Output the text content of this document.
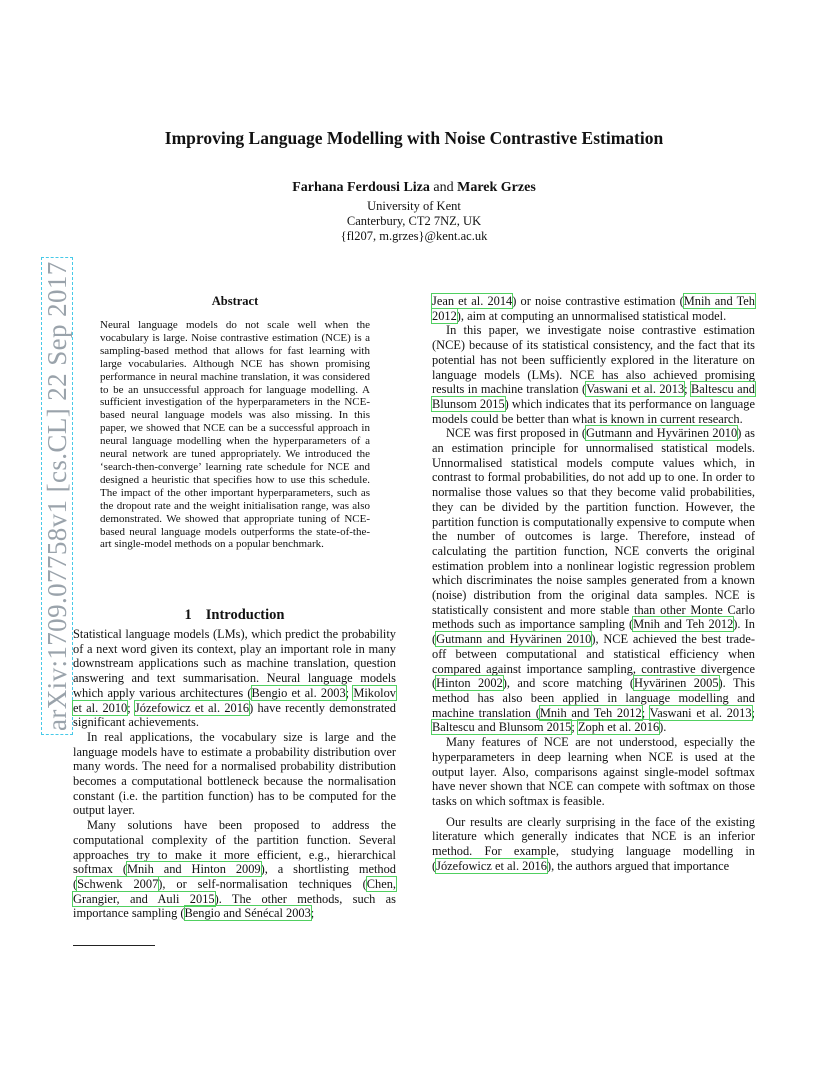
Improving Language Modelling with Noise Contrastive Estimation
Farhana Ferdousi Liza and Marek Grzes
University of Kent
Canterbury, CT2 7NZ, UK
{fl207, m.grzes}@kent.ac.uk
arXiv:1709.07758v1 [cs.CL] 22 Sep 2017	Abstract

Neural language models do not scale well when the vocabulary is large. Noise contrastive estimation (NCE) is a sampling-based method that allows for fast learning with large vocabularies. Although NCE has shown promising performance in neural machine translation, it was considered to be an unsuccessful approach for language modelling. A sufficient investigation of the hyperparameters in the NCE-based neural language models was also missing. In this paper, we showed that NCE can be a successful approach in neural language modelling when the hyperparameters of a neural network are tuned appropriately. We introduced the ‘search-then-converge’ learning rate schedule for NCE and designed a heuristic that specifies how to use this schedule. The impact of the other important hyperparameters, such as the dropout rate and the weight initialisation range, was also demonstrated. We showed that appropriate tuning of NCE-based neural language models outperforms the state-of-the-art single-model methods on a popular benchmark.

1 Introduction

Statistical language models (LMs), which predict the probability of a next word given its context, play an important role in many downstream applications such as machine translation, question answering and text summarisation. Neural language models which apply various architectures (Bengio et al. 2003; Mikolov et al. 2010; Józefowicz et al. 2016) have recently demonstrated significant achievements.

In real applications, the vocabulary size is large and the language models have to estimate a probability distribution over many words. The need for a normalised probability distribution becomes a computational bottleneck because the normalisation constant (i.e. the partition function) has to be computed for the output layer.

Many solutions have been proposed to address the computational complexity of the partition function. Several approaches try to make it more efficient, e.g., hierarchical softmax (Mnih and Hinton 2009), a shortlisting method (Schwenk 2007), or self-normalisation techniques (Chen, Grangier, and Auli 2015). The other methods, such as importance sampling (Bengio and Sénécal 2003;

Jean et al. 2014) or noise contrastive estimation (Mnih and Teh 2012), aim at computing an unnormalised statistical model.

In this paper, we investigate noise contrastive estimation (NCE) because of its statistical consistency, and the fact that its potential has not been sufficiently explored in the literature on language models (LMs). NCE has also achieved promising results in machine translation (Vaswani et al. 2013; Baltescu and Blunsom 2015) which indicates that its performance on language models could be better than what is known in current research.

NCE was first proposed in (Gutmann and Hyvärinen 2010) as an estimation principle for unnormalised statistical models. Unnormalised statistical models compute values which, in contrast to formal probabilities, do not add up to one. In order to normalise those values so that they become valid probabilities, they can be divided by the partition function. However, the partition function is computationally expensive to compute when the number of outcomes is large. Therefore, instead of calculating the partition function, NCE converts the original estimation problem into a nonlinear logistic regression problem which discriminates the noise samples generated from a known (noise) distribution from the original data samples. NCE is statistically consistent and more stable than other Monte Carlo methods such as importance sampling (Mnih and Teh 2012). In (Gutmann and Hyvärinen 2010), NCE achieved the best trade-off between computational and statistical efficiency when compared against importance sampling, contrastive divergence (Hinton 2002), and score matching (Hyvärinen 2005). This method has also been applied in language modelling and machine translation (Mnih and Teh 2012; Vaswani et al. 2013; Baltescu and Blunsom 2015; Zoph et al. 2016).

Many features of NCE are not understood, especially the hyperparameters in deep learning when NCE is used at the output layer. Also, comparisons against single-model softmax have never shown that NCE can compete with softmax on those tasks on which softmax is feasible.

Our results are clearly surprising in the face of the existing literature which generally indicates that NCE is an inferior method. For example, studying language modelling in (Józefowicz et al. 2016), the authors argued that importance
